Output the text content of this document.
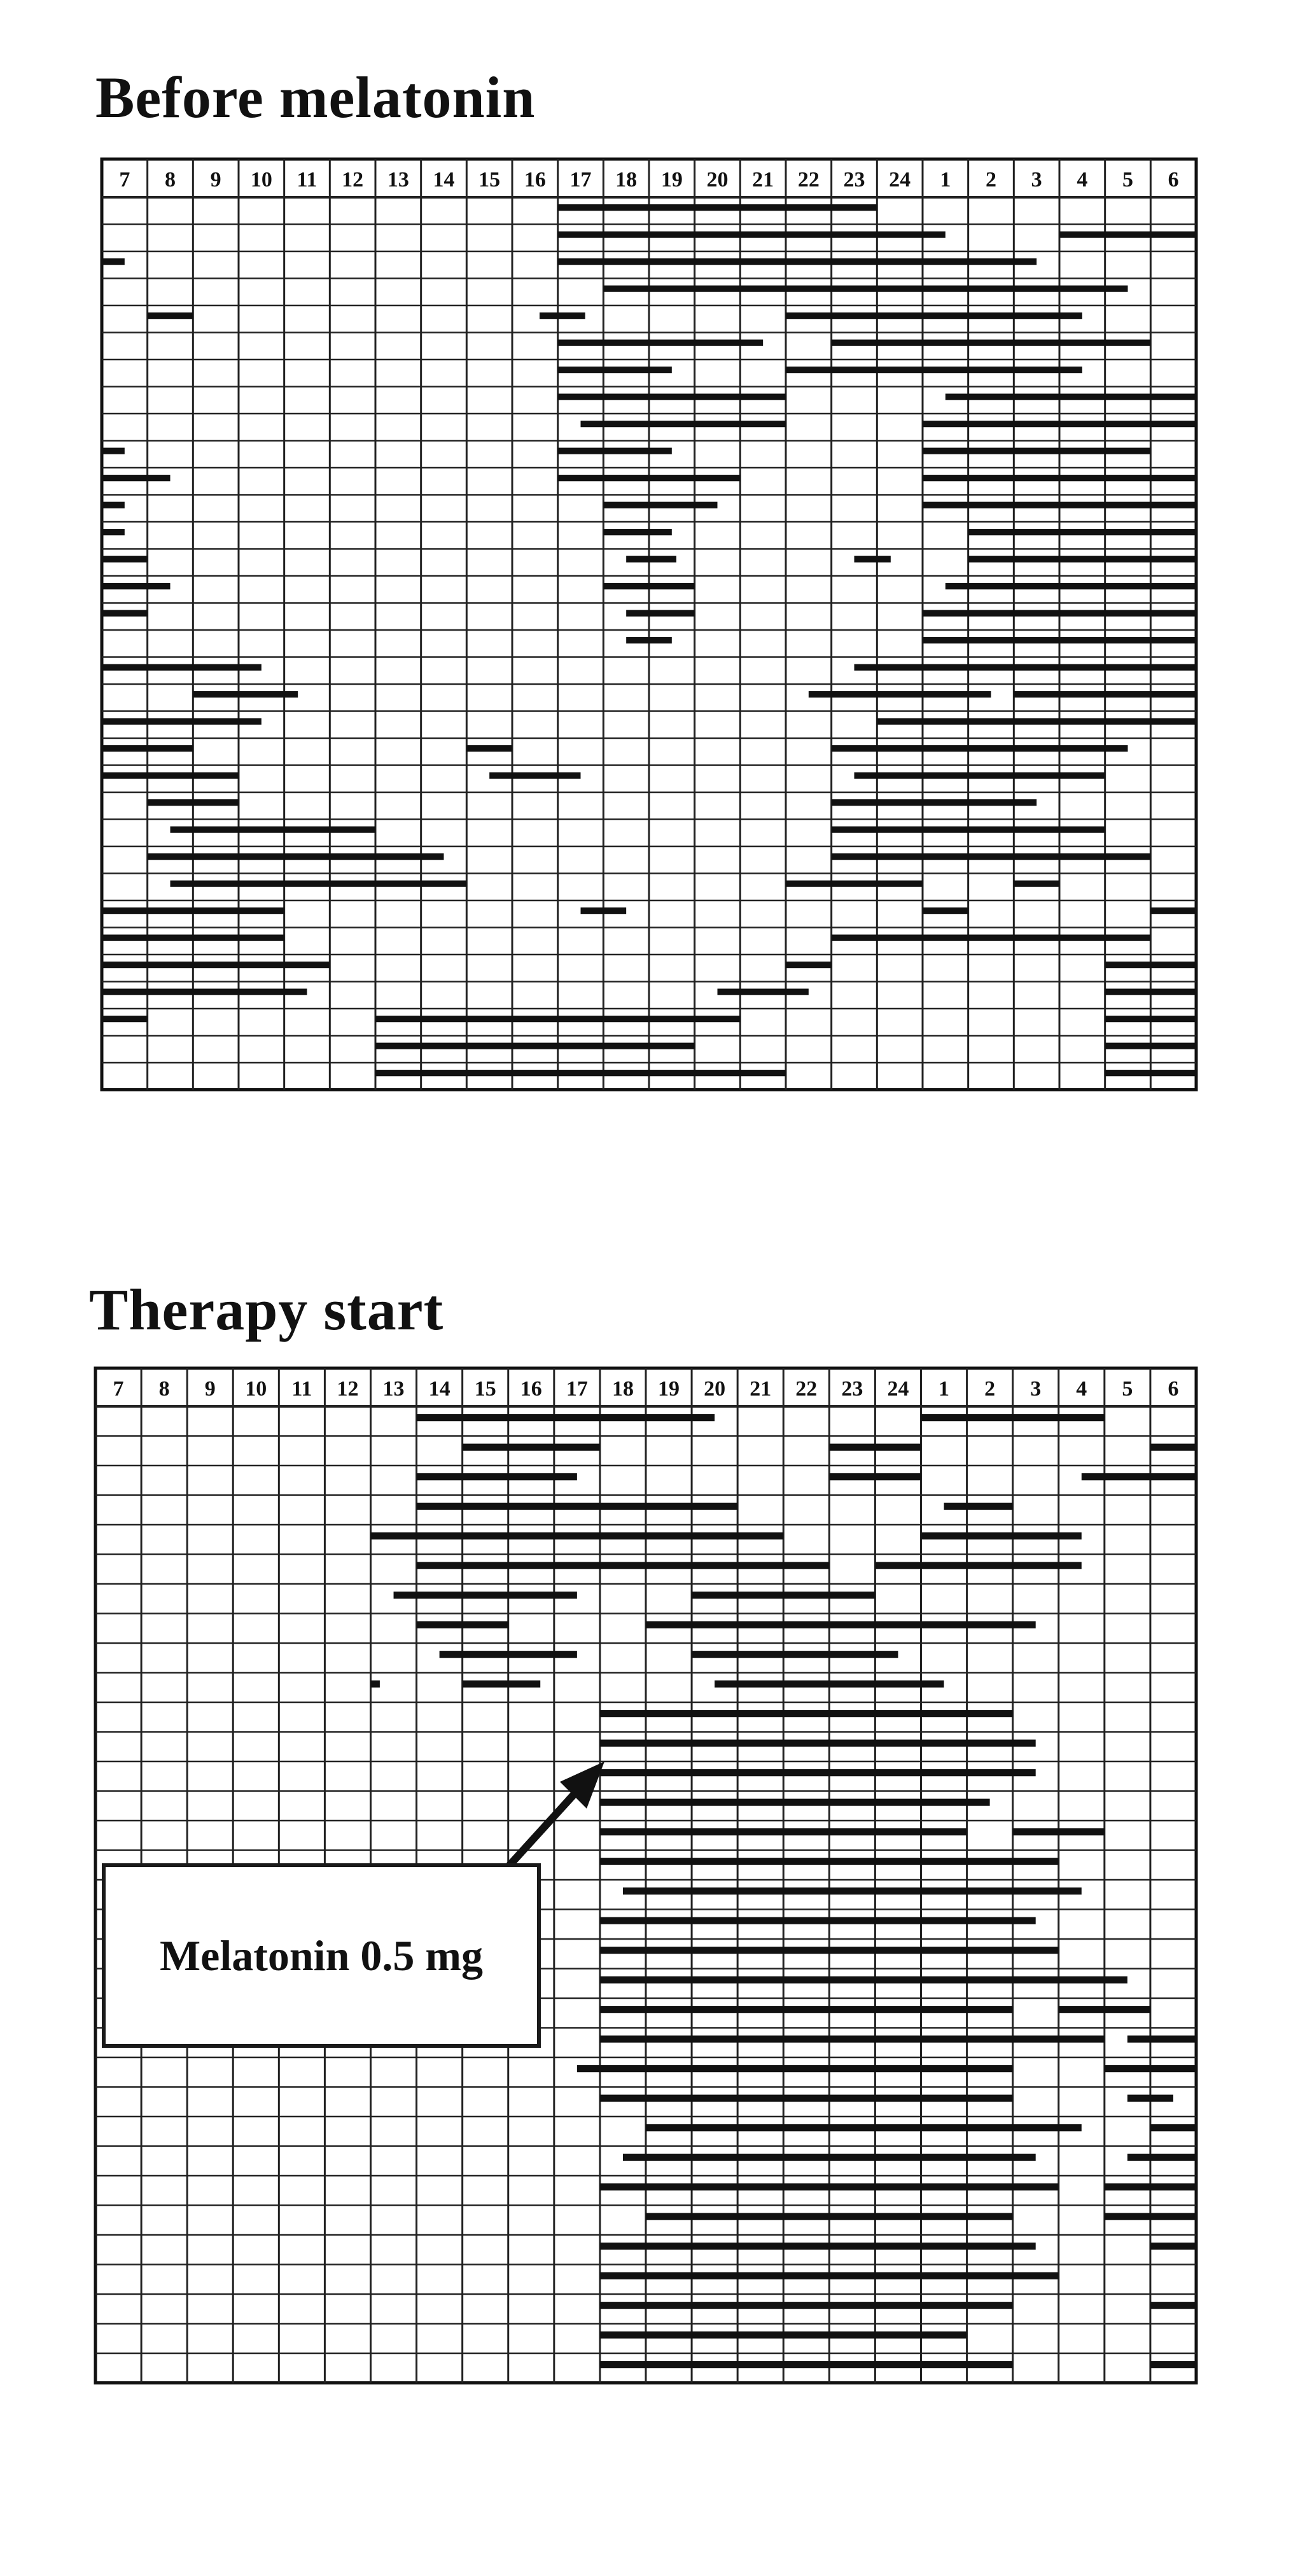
Before melatonin
Therapy start
7 8 9 10 11 12 13 14 15 16 17 18 19 20 21 22 23 24 1 2 3 4 5 6
7 8 9 10 11 12 13 14 15 16 17 18 19 20 21 22 23 24 1 2 3 4 5 6
Melatonin 0.5 mg
